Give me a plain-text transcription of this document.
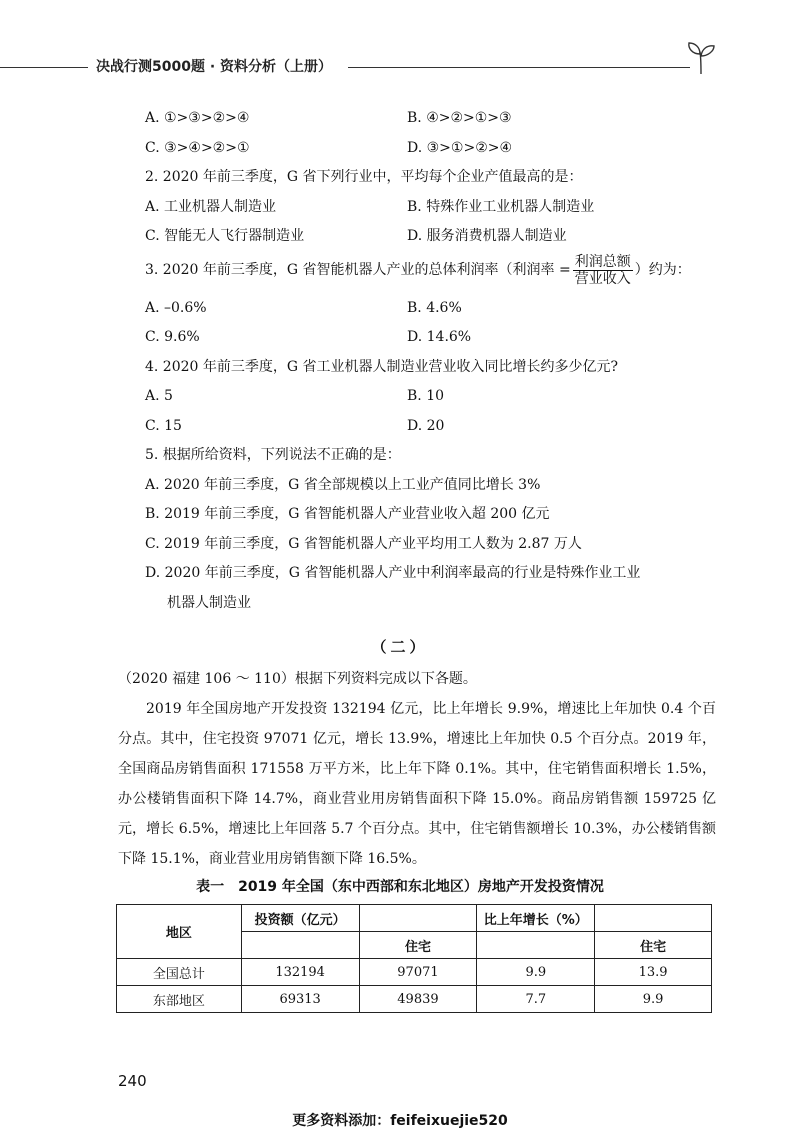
决战行测5000题 · 资料分析（上册）
A. ①>③>②>④	B. ④>②>①>③
C. ③>④>②>①	D. ③>①>②>④
2. 2020 年前三季度，G 省下列行业中，平均每个企业产值最高的是：
A. 工业机器人制造业	B. 特殊作业工业机器人制造业
C. 智能无人飞行器制造业	D. 服务消费机器人制造业
3. 2020 年前三季度，G 省智能机器人产业的总体利润率（利润率 = $\frac{\text{利润总额}}{\text{营业收入}}$ ）约为：
A. –0.6%	B. 4.6%
C. 9.6%	D. 14.6%
4. 2020 年前三季度，G 省工业机器人制造业营业收入同比增长约多少亿元?
A. 5	B. 10
C. 15	D. 20
5. 根据所给资料，下列说法不正确的是：
A. 2020 年前三季度，G 省全部规模以上工业产值同比增长 3%
B. 2019 年前三季度，G 省智能机器人产业营业收入超 200 亿元
C. 2019 年前三季度，G 省智能机器人产业平均用工人数为 2.87 万人
D. 2020 年前三季度，G 省智能机器人产业中利润率最高的行业是特殊作业工业
机器人制造业
（二）

（2020 福建 106 ～ 110）根据下列资料完成以下各题。

2019 年全国房地产开发投资 132194 亿元，比上年增长 9.9%，增速比上年加快 0.4 个百分点。其中，住宅投资 97071 亿元，增长 13.9%，增速比上年加快 0.5 个百分点。2019 年，全国商品房销售面积 171558 万平方米，比上年下降 0.1%。其中，住宅销售面积增长 1.5%，办公楼销售面积下降 14.7%，商业营业用房销售面积下降 15.0%。商品房销售额 159725 亿元，增长 6.5%，增速比上年回落 5.7 个百分点。其中，住宅销售额增长 10.3%，办公楼销售额下降 15.1%，商业营业用房销售额下降 16.5%。

表一　2019 年全国（东中西部和东北地区）房地产开发投资情况
地区	投资额（亿元）		比上年增长（%）	
		住宅		住宅
全国总计	132194	97071	9.9	13.9
东部地区	69313	49839	7.7	9.9
240
更多资料添加：feifeixuejie520
